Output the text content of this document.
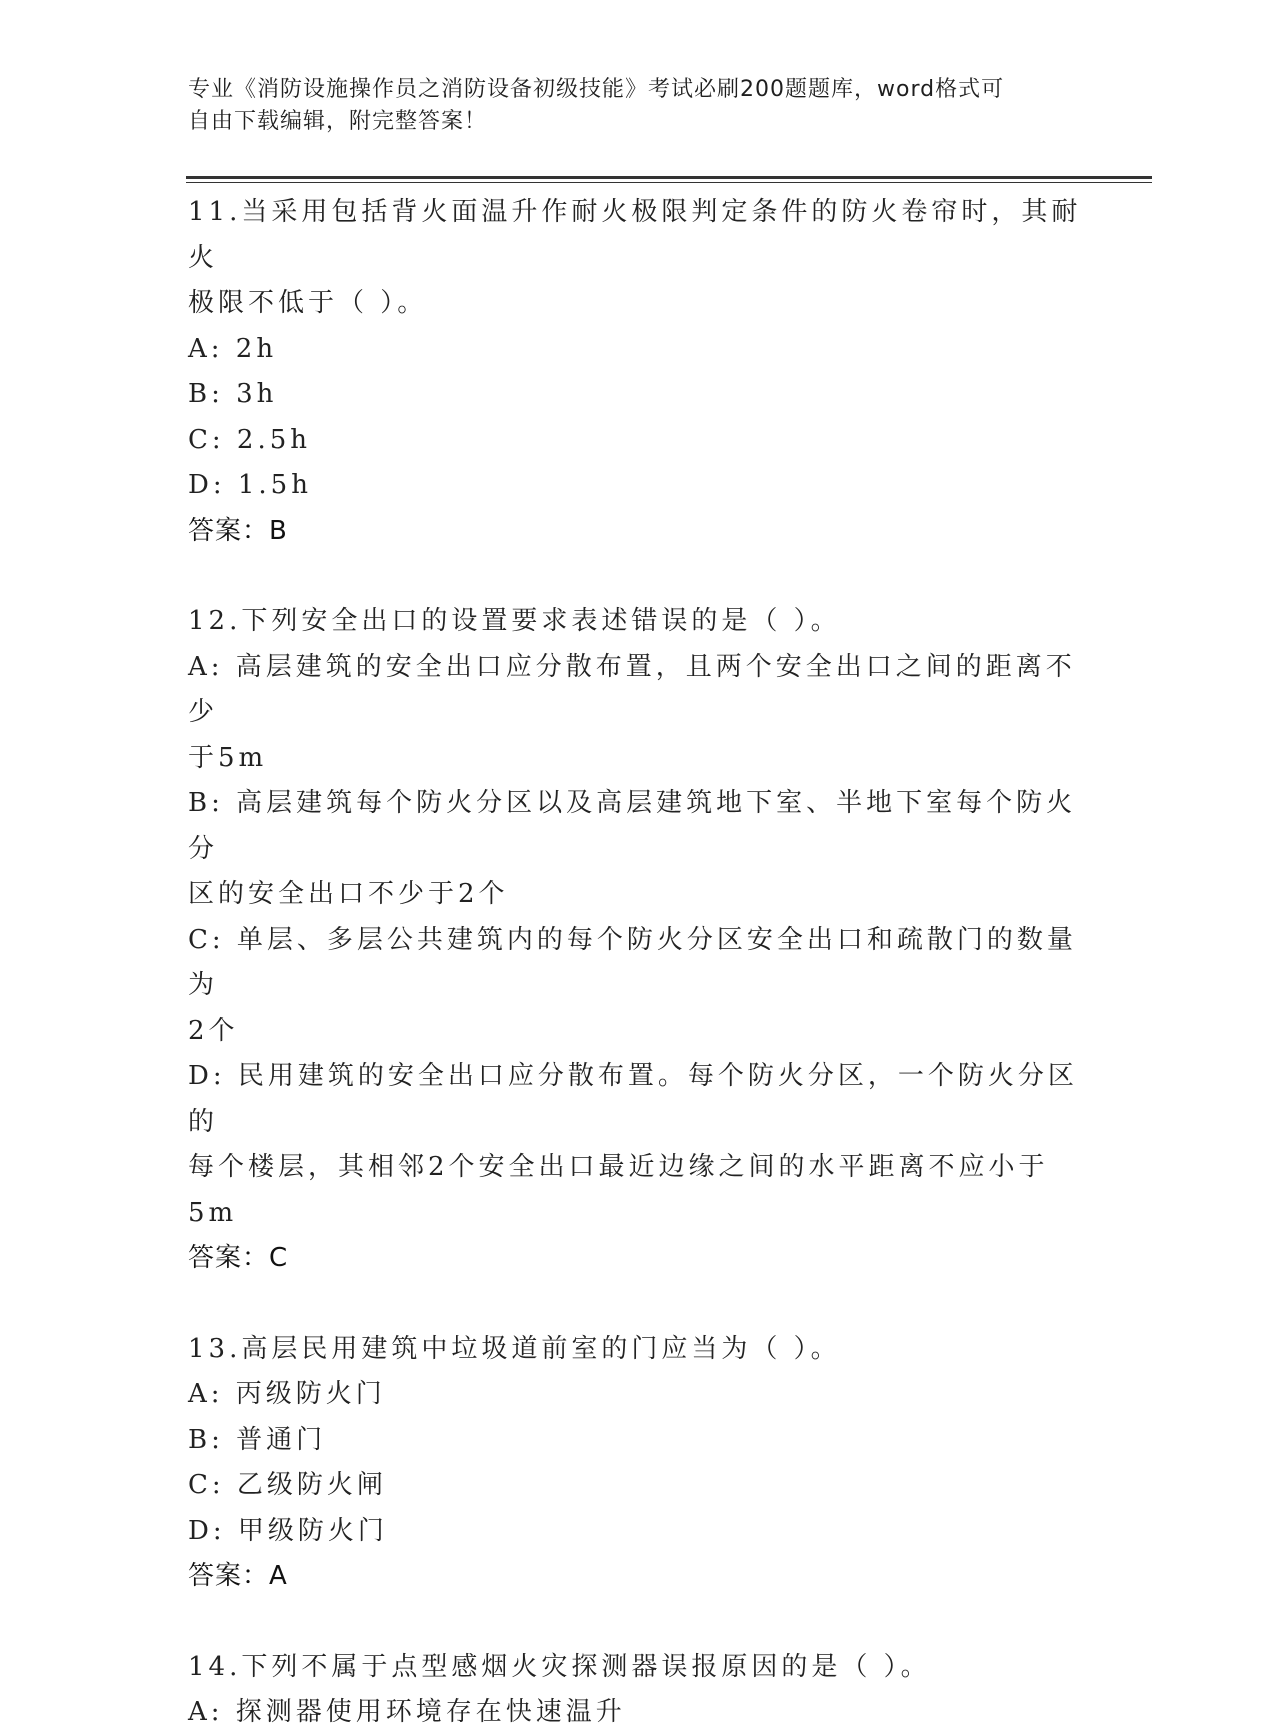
专业《消防设施操作员之消防设备初级技能》考试必刷200题题库，word格式可
自由下载编辑，附完整答案！

11.当采用包括背火面温升作耐火极限判定条件的防火卷帘时，其耐火

极限不低于（ ）。

A: 2h

B: 3h

C: 2.5h

D: 1.5h

答案：B

12.下列安全出口的设置要求表述错误的是（ ）。

A: 高层建筑的安全出口应分散布置，且两个安全出口之间的距离不少

于5m

B: 高层建筑每个防火分区以及高层建筑地下室、半地下室每个防火分

区的安全出口不少于2个

C: 单层、多层公共建筑内的每个防火分区安全出口和疏散门的数量为

2个

D: 民用建筑的安全出口应分散布置。每个防火分区，一个防火分区的

每个楼层，其相邻2个安全出口最近边缘之间的水平距离不应小于5m

答案：C

13.高层民用建筑中垃圾道前室的门应当为（ ）。

A: 丙级防火门

B: 普通门

C: 乙级防火闸

D: 甲级防火门

答案：A

14.下列不属于点型感烟火灾探测器误报原因的是（ ）。

A: 探测器使用环境存在快速温升
